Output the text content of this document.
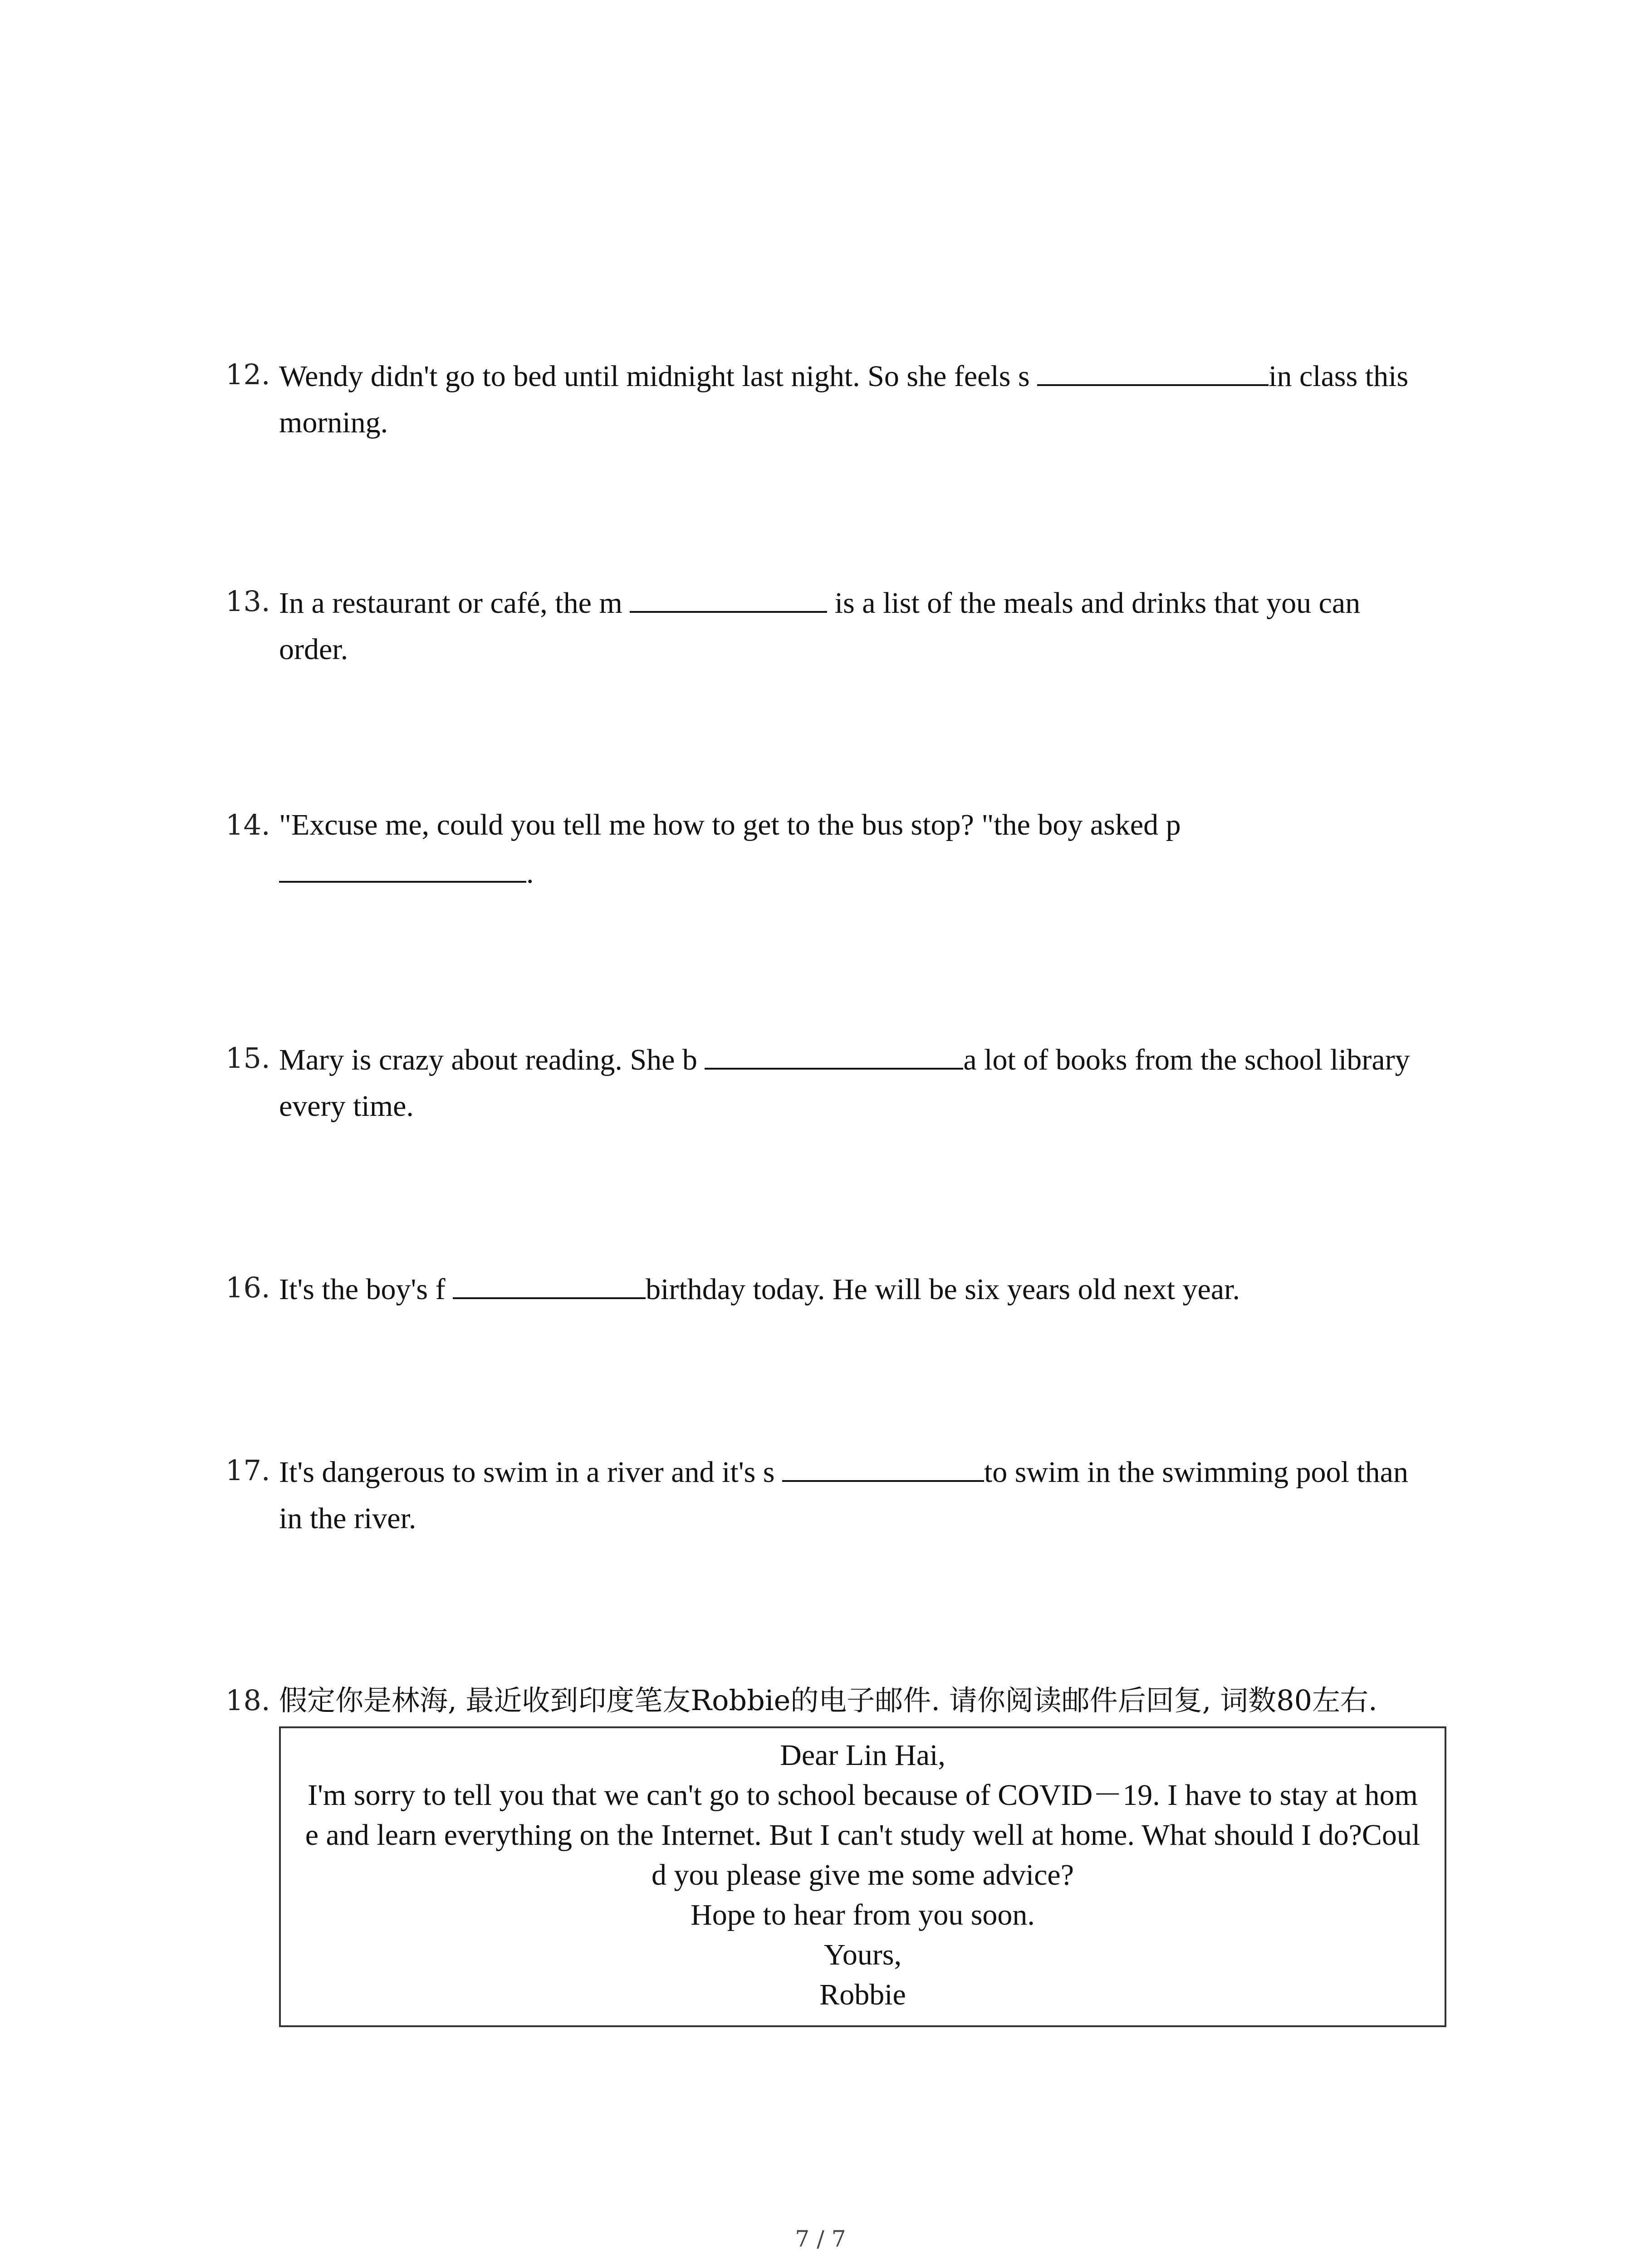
12. Wendy didn't go to bed until midnight last night. So she feels s	in class this
morning.
13. In a restaurant or café, the m	is a list of the meals and drinks that you can
order.
14. "Excuse me, could you tell me how to get to the bus stop? "the boy asked p
.
15. Mary is crazy about reading. She b	a lot of books from the school library
every time.
16. It's the boy's f	birthday today. He will be six years old next year.
17. It's dangerous to swim in a river and it's s	to swim in the swimming pool than
in the river.
18. 假定你是林海, 最近收到印度笔友Robbie的电子邮件. 请你阅读邮件后回复, 词数80左右.
Dear Lin Hai,
I'm sorry to tell you that we can't go to school because of COVID－19. I have to stay at hom
e and learn everything on the Internet. But I can't study well at home. What should I do?Coul
d you please give me some advice?
Hope to hear from you soon.
Yours,
Robbie
7 / 7
